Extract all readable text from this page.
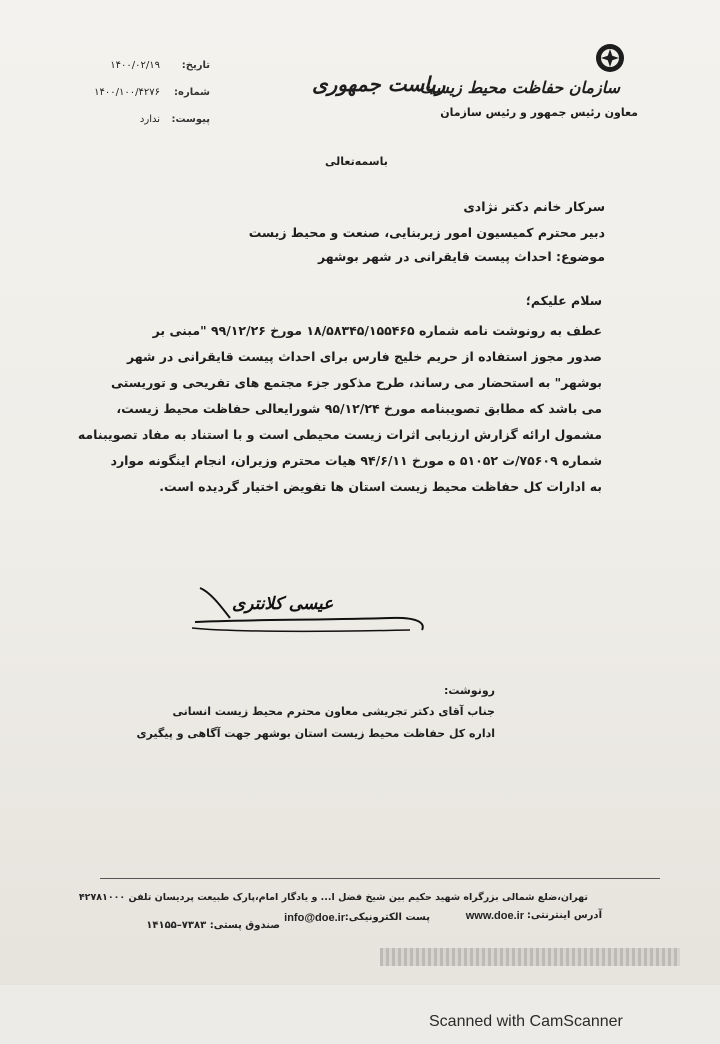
سازمان حفاظت محیط زیست
معاون رئیس جمهور و رئیس سازمان
ریاست جمهوری
تاریخ:
۱۴۰۰/۰۲/۱۹
شماره:
۱۴۰۰/۱۰۰/۴۲۷۶
پیوست:
ندارد
باسمه‌تعالی
سرکار خانم دکتر نژادی
دبیر محترم کمیسیون امور زیربنایی، صنعت و محیط زیست
موضوع: احداث پیست قایقرانی در شهر بوشهر
سلام علیکم؛
عطف به رونوشت نامه شماره ۱۸/۵۸۳۴۵/۱۵۵۴۶۵ مورخ ۹۹/۱۲/۲۶ "مبنی بر
صدور مجوز استفاده از حریم خلیج فارس برای احداث پیست قایقرانی در شهر
بوشهر" به استحضار می رساند، طرح مذکور جزء مجتمع های تفریحی و توریستی
می باشد که مطابق تصویبنامه مورخ ۹۵/۱۲/۲۴ شورایعالی حفاظت محیط زیست،
مشمول ارائه گزارش ارزیابی اثرات زیست محیطی است و با استناد به مفاد تصویبنامه
شماره ۷۵۶۰۹/ت ۵۱۰۵۲ ه مورخ ۹۴/۶/۱۱ هیات محترم وزیران، انجام اینگونه موارد
به ادارات کل حفاظت محیط زیست استان ها تفویض اختیار گردیده است.
عیسی کلانتری
رونوشت:
جناب آقای دکتر تجریشی معاون محترم محیط زیست انسانی
اداره کل حفاظت محیط زیست استان بوشهر جهت آگاهی و پیگیری
تهران،ضلع شمالی بزرگراه شهید حکیم بین شیخ فضل ا... و یادگار امام،پارک طبیعت پردیسان تلفن ۴۲۷۸۱۰۰۰
آدرس اینترنتی:
www.doe.ir
پست الکترونیکی:
info@doe.ir
صندوق پستی: ۷۳۸۳–۱۴۱۵۵
Scanned with CamScanner
